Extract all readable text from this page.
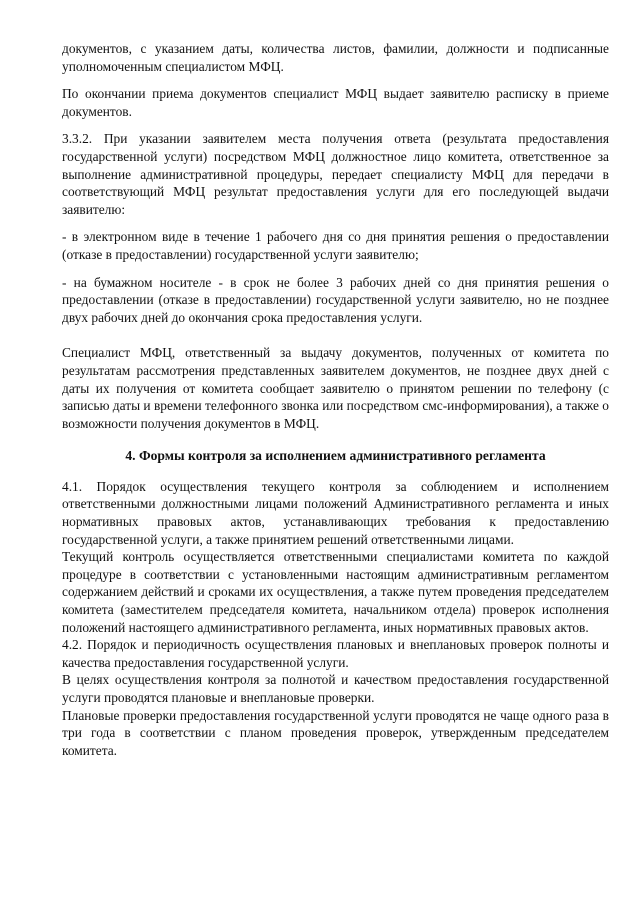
документов, с указанием даты, количества листов, фамилии, должности и подписанные уполномоченным специалистом МФЦ.

По окончании приема документов специалист МФЦ выдает заявителю расписку в приеме документов.

3.3.2. При указании заявителем места получения ответа (результата предоставления государственной услуги) посредством МФЦ должностное лицо комитета, ответственное за выполнение административной процедуры, передает специалисту МФЦ для передачи в соответствующий МФЦ результат предоставления услуги для его последующей выдачи заявителю:

- в электронном виде в течение 1 рабочего дня со дня принятия решения о предоставлении (отказе в предоставлении) государственной услуги заявителю;

- на бумажном носителе - в срок не более 3 рабочих дней со дня принятия решения о предоставлении (отказе в предоставлении) государственной услуги заявителю, но не позднее двух рабочих дней до окончания срока предоставления услуги.

Специалист МФЦ, ответственный за выдачу документов, полученных от комитета по результатам рассмотрения представленных заявителем документов, не позднее двух дней с даты их получения от комитета сообщает заявителю о принятом решении по телефону (с записью даты и времени телефонного звонка или посредством смс-информирования), а также о возможности получения документов в МФЦ.

4. Формы контроля за исполнением административного регламента

4.1. Порядок осуществления текущего контроля за соблюдением и исполнением ответственными должностными лицами положений Административного регламента и иных нормативных правовых актов, устанавливающих требования к предоставлению государственной услуги, а также принятием решений ответственными лицами.

Текущий контроль осуществляется ответственными специалистами комитета по каждой процедуре в соответствии с установленными настоящим административным регламентом содержанием действий и сроками их осуществления, а также путем проведения председателем комитета (заместителем председателя комитета, начальником отдела) проверок исполнения положений настоящего административного регламента, иных нормативных правовых актов.

4.2. Порядок и периодичность осуществления плановых и внеплановых проверок полноты и качества предоставления государственной услуги.

В целях осуществления контроля за полнотой и качеством предоставления государственной услуги проводятся плановые и внеплановые проверки.

Плановые проверки предоставления государственной услуги проводятся не чаще одного раза в три года в соответствии с планом проведения проверок, утвержденным председателем комитета.
